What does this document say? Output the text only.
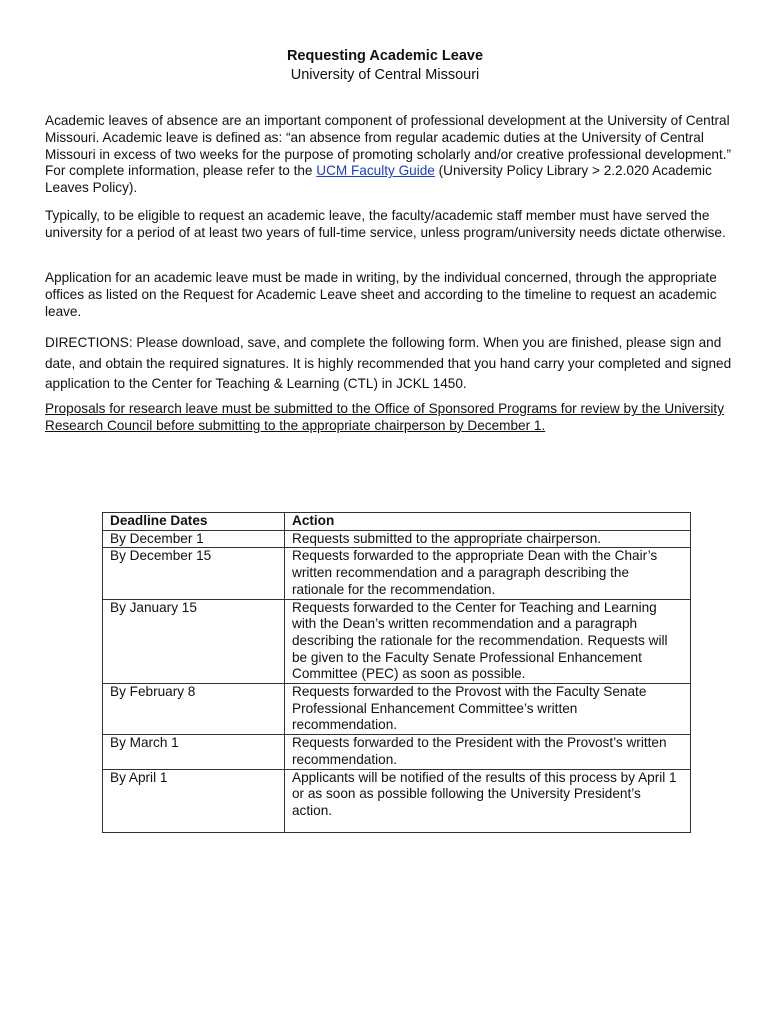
Requesting Academic Leave
University of Central Missouri

Academic leaves of absence are an important component of professional development at the University of Central Missouri. Academic leave is defined as: “an absence from regular academic duties at the University of Central Missouri in excess of two weeks for the purpose of promoting scholarly and/or creative professional development.” For complete information, please refer to the UCM Faculty Guide (University Policy Library > 2.2.020 Academic Leaves Policy).

Typically, to be eligible to request an academic leave, the faculty/academic staff member must have served the university for a period of at least two years of full-time service, unless program/university needs dictate otherwise.

Application for an academic leave must be made in writing, by the individual concerned, through the appropriate offices as listed on the Request for Academic Leave sheet and according to the timeline to request an academic leave.

DIRECTIONS: Please download, save, and complete the following form. When you are finished, please sign and date, and obtain the required signatures. It is highly recommended that you hand carry your completed and signed application to the Center for Teaching & Learning (CTL) in JCKL 1450.

Proposals for research leave must be submitted to the Office of Sponsored Programs for review by the University Research Council before submitting to the appropriate chairperson by December 1.

Deadline Dates	Action
By December 1	Requests submitted to the appropriate chairperson.
By December 15	Requests forwarded to the appropriate Dean with the Chair’s written recommendation and a paragraph describing the rationale for the recommendation.
By January 15	Requests forwarded to the Center for Teaching and Learning with the Dean’s written recommendation and a paragraph describing the rationale for the recommendation. Requests will be given to the Faculty Senate Professional Enhancement Committee (PEC) as soon as possible.
By February 8	Requests forwarded to the Provost with the Faculty Senate Professional Enhancement Committee’s written recommendation.
By March 1	Requests forwarded to the President with the Provost’s written recommendation.
By April 1	Applicants will be notified of the results of this process by April 1 or as soon as possible following the University President’s action.
